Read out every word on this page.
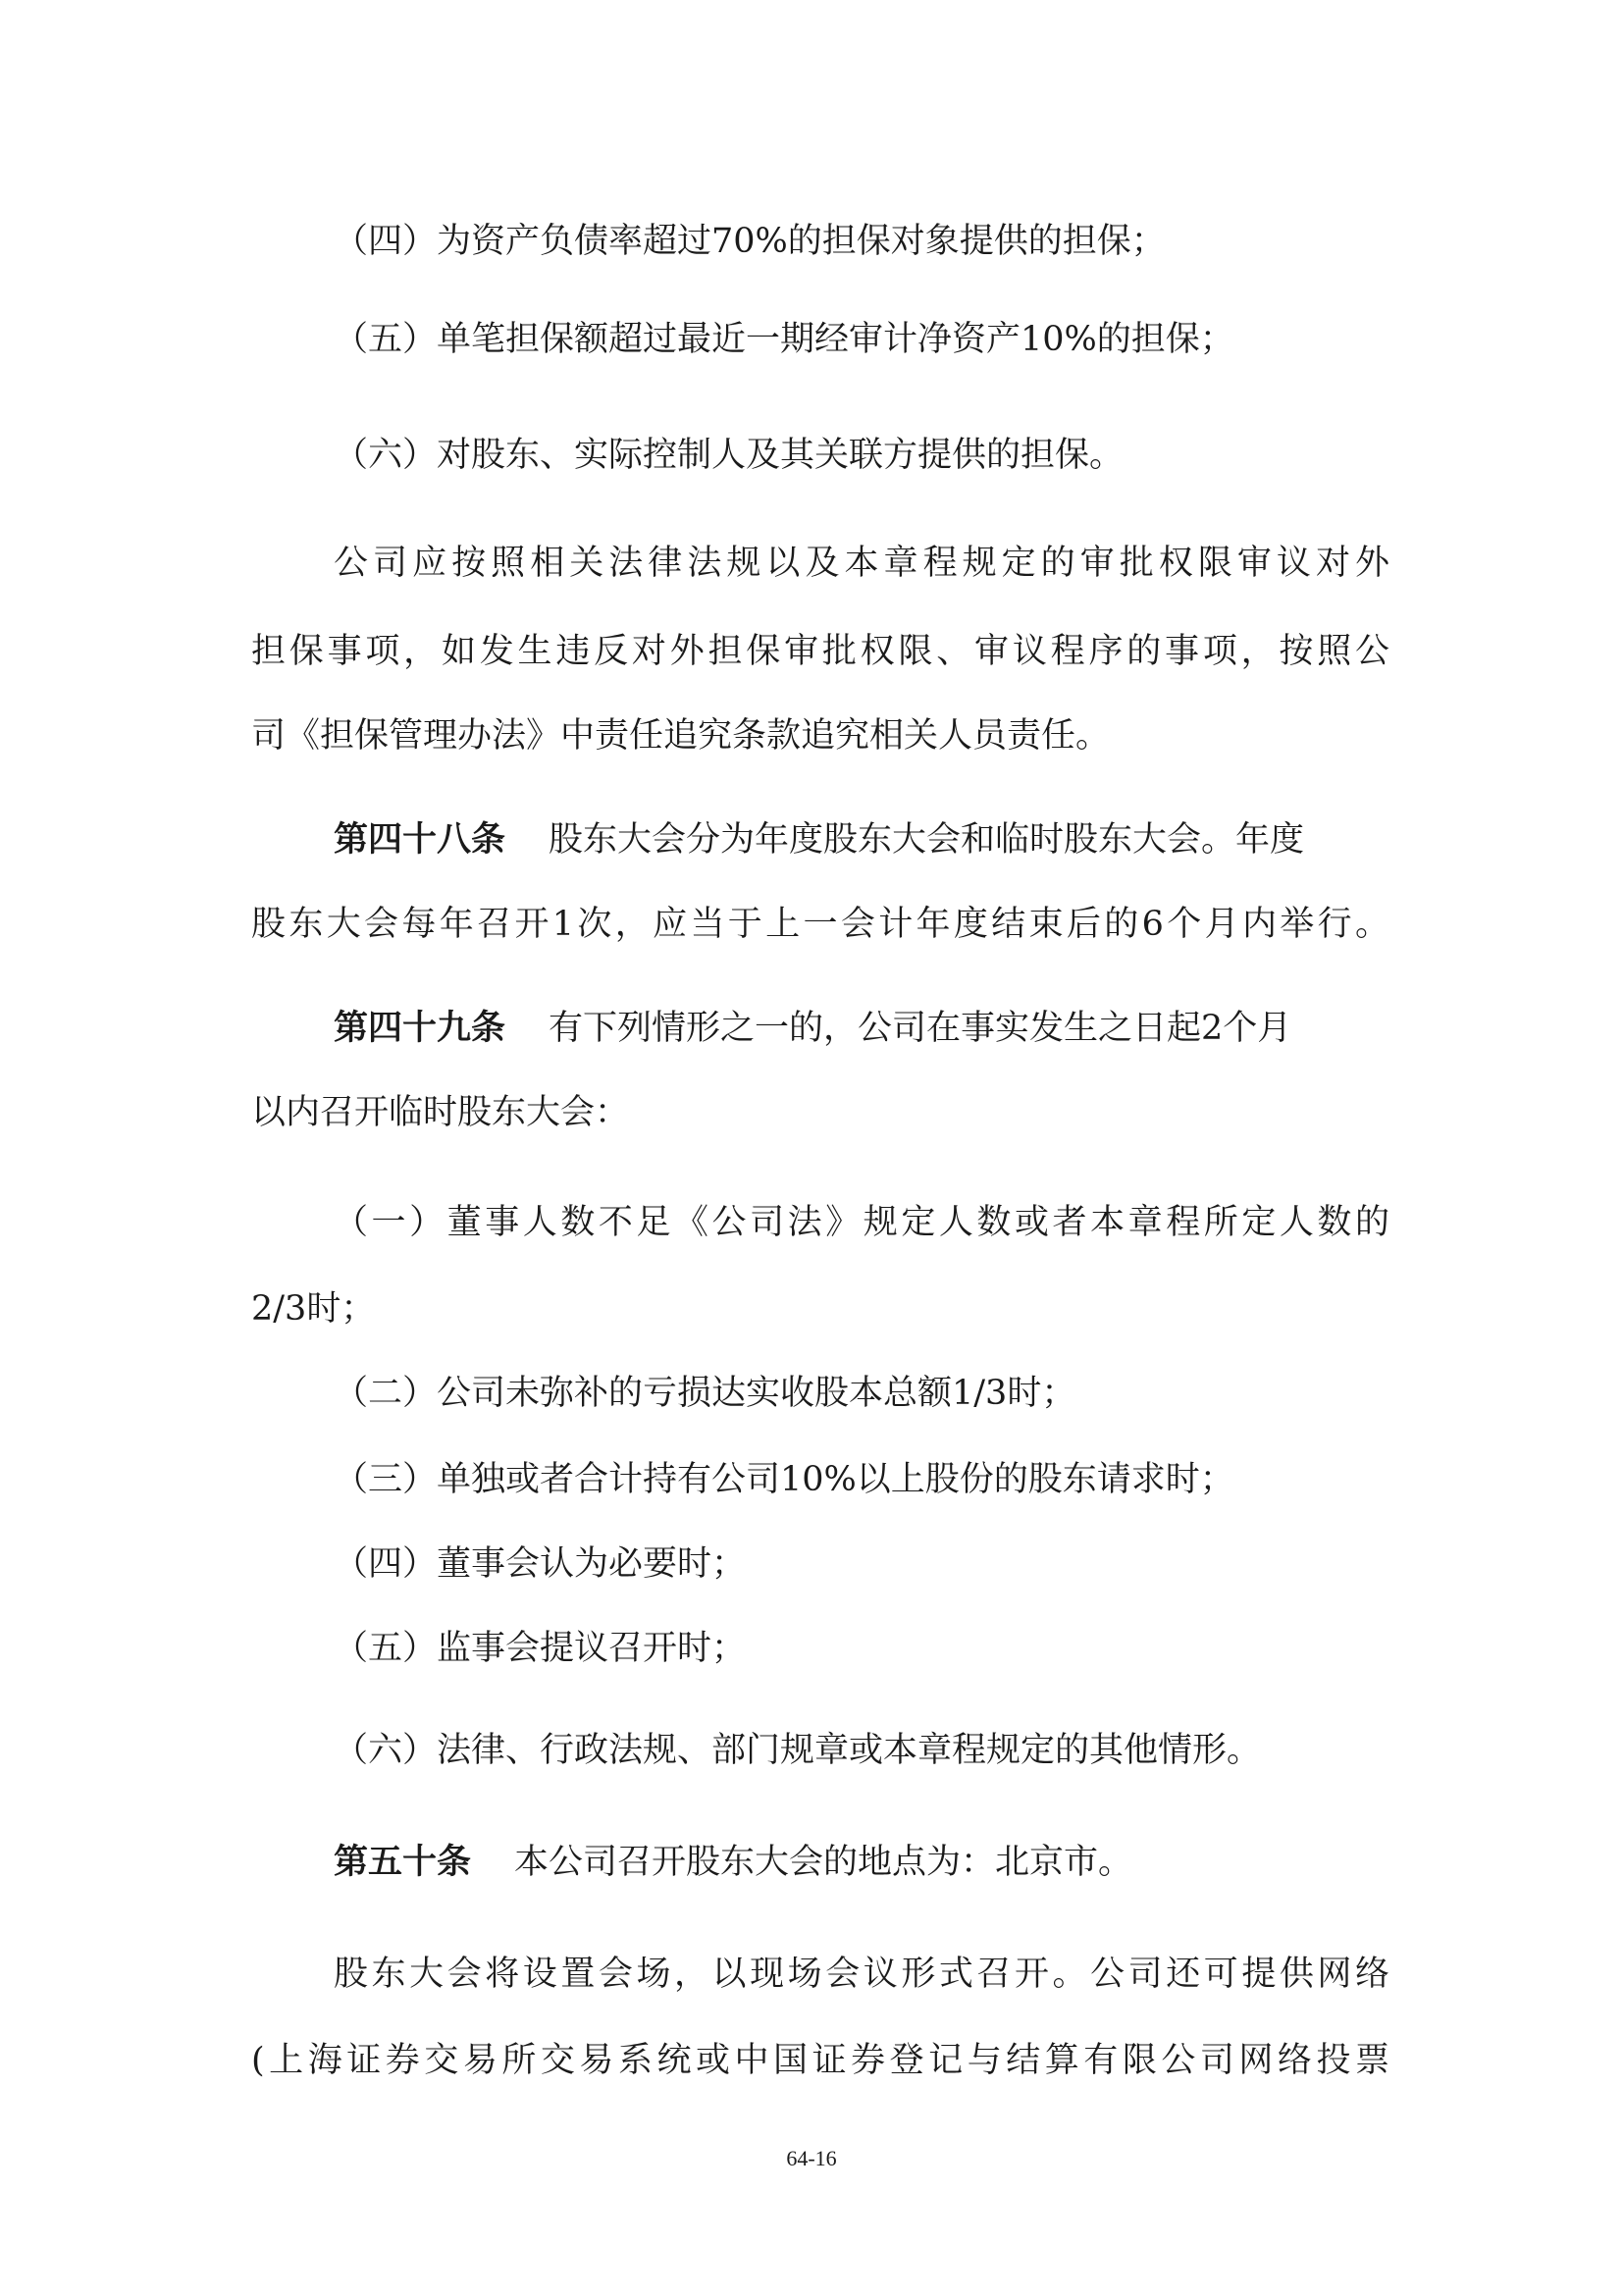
（四）为资产负债率超过70%的担保对象提供的担保；
（五）单笔担保额超过最近一期经审计净资产10%的担保；
（六）对股东、实际控制人及其关联方提供的担保。
公司应按照相关法律法规以及本章程规定的审批权限审议对外
担保事项，如发生违反对外担保审批权限、审议程序的事项，按照公
司《担保管理办法》中责任追究条款追究相关人员责任。
第四十八条 股东大会分为年度股东大会和临时股东大会。年度
股东大会每年召开1次，应当于上一会计年度结束后的6个月内举行。
第四十九条 有下列情形之一的，公司在事实发生之日起2个月
以内召开临时股东大会：
（一）董事人数不足《公司法》规定人数或者本章程所定人数的
2/3时；
（二）公司未弥补的亏损达实收股本总额1/3时；
（三）单独或者合计持有公司10%以上股份的股东请求时；
（四）董事会认为必要时；
（五）监事会提议召开时；
（六）法律、行政法规、部门规章或本章程规定的其他情形。
第五十条 本公司召开股东大会的地点为：北京市。
股东大会将设置会场，以现场会议形式召开。公司还可提供网络
(上海证券交易所交易系统或中国证券登记与结算有限公司网络投票
64-16
